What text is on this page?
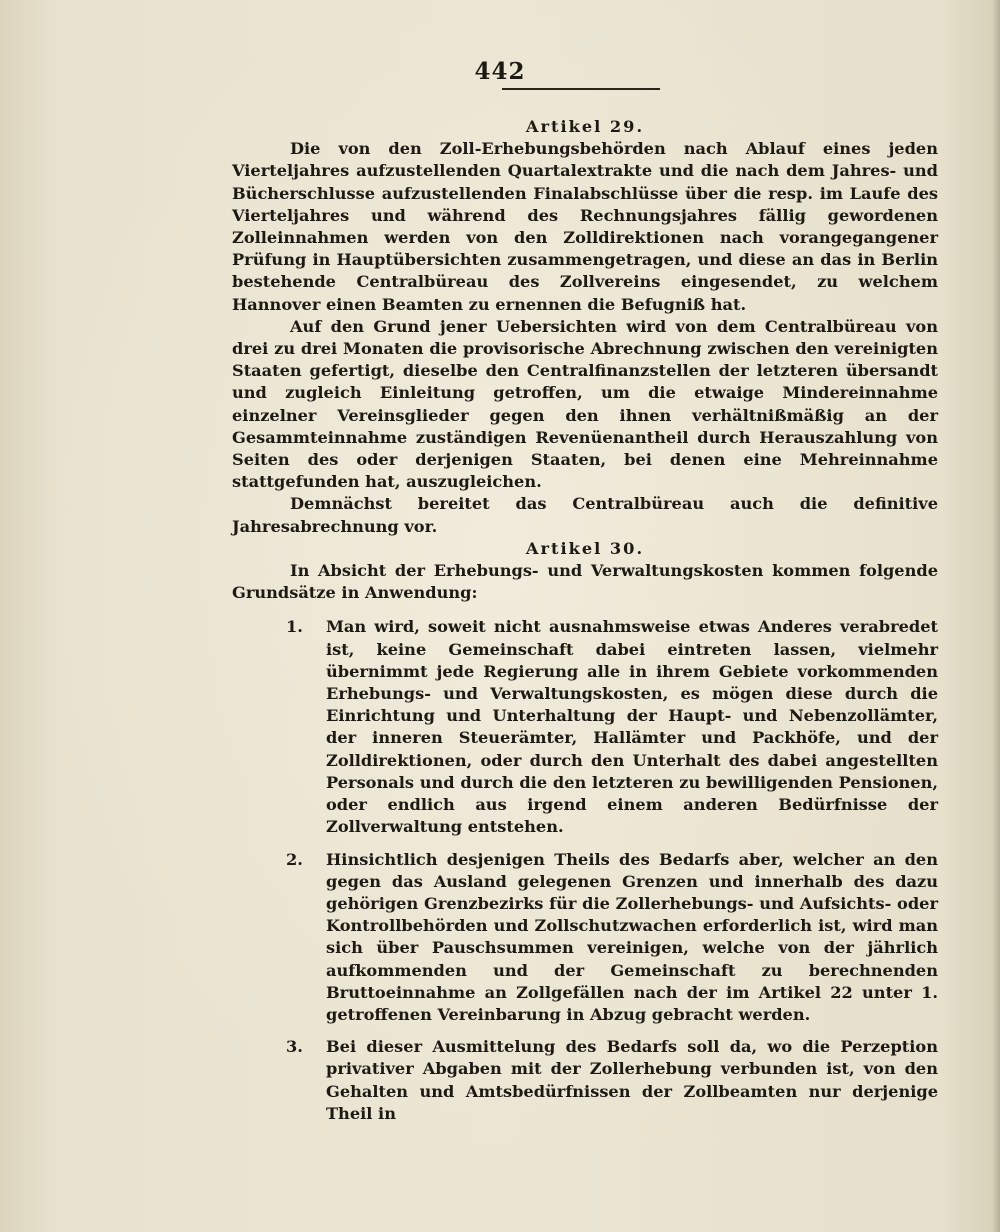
442
Artikel 29.

Die von den Zoll-Erhebungsbehörden nach Ablauf eines jeden Vierteljahres aufzustellenden Quartalextrakte und die nach dem Jahres- und Bücherschlusse aufzustellenden Finalabschlüsse über die resp. im Laufe des Vierteljahres und während des Rechnungsjahres fällig gewordenen Zolleinnahmen werden von den Zolldirektionen nach vorangegangener Prüfung in Hauptübersichten zusammengetragen, und diese an das in Berlin bestehende Centralbüreau des Zollvereins eingesendet, zu welchem Hannover einen Beamten zu ernennen die Befugniß hat.

Auf den Grund jener Uebersichten wird von dem Centralbüreau von drei zu drei Monaten die provisorische Abrechnung zwischen den vereinigten Staaten gefertigt, dieselbe den Centralfinanzstellen der letzteren übersandt und zugleich Einleitung getroffen, um die etwaige Mindereinnahme einzelner Vereinsglieder gegen den ihnen verhältnißmäßig an der Gesammteinnahme zuständigen Revenüenantheil durch Herauszahlung von Seiten des oder derjenigen Staaten, bei denen eine Mehreinnahme stattgefunden hat, auszugleichen.

Demnächst bereitet das Centralbüreau auch die definitive Jahresabrechnung vor.

Artikel 30.

In Absicht der Erhebungs- und Verwaltungskosten kommen folgende Grundsätze in Anwendung:

1. Man wird, soweit nicht ausnahmsweise etwas Anderes verabredet ist, keine Gemeinschaft dabei eintreten lassen, vielmehr übernimmt jede Regierung alle in ihrem Gebiete vorkommenden Erhebungs- und Verwaltungskosten, es mögen diese durch die Einrichtung und Unterhaltung der Haupt- und Nebenzollämter, der inneren Steuerämter, Hallämter und Packhöfe, und der Zolldirektionen, oder durch den Unterhalt des dabei angestellten Personals und durch die den letzteren zu bewilligenden Pensionen, oder endlich aus irgend einem anderen Bedürfnisse der Zollverwaltung entstehen.
2. Hinsichtlich desjenigen Theils des Bedarfs aber, welcher an den gegen das Ausland gelegenen Grenzen und innerhalb des dazu gehörigen Grenzbezirks für die Zollerhebungs- und Aufsichts- oder Kontrollbehörden und Zollschutzwachen erforderlich ist, wird man sich über Pauschsummen vereinigen, welche von der jährlich aufkommenden und der Gemeinschaft zu berechnenden Bruttoeinnahme an Zollgefällen nach der im Artikel 22 unter 1. getroffenen Vereinbarung in Abzug gebracht werden.
3. Bei dieser Ausmittelung des Bedarfs soll da, wo die Perzeption privativer Abgaben mit der Zollerhebung verbunden ist, von den Gehalten und Amtsbedürfnissen der Zollbeamten nur derjenige Theil in
